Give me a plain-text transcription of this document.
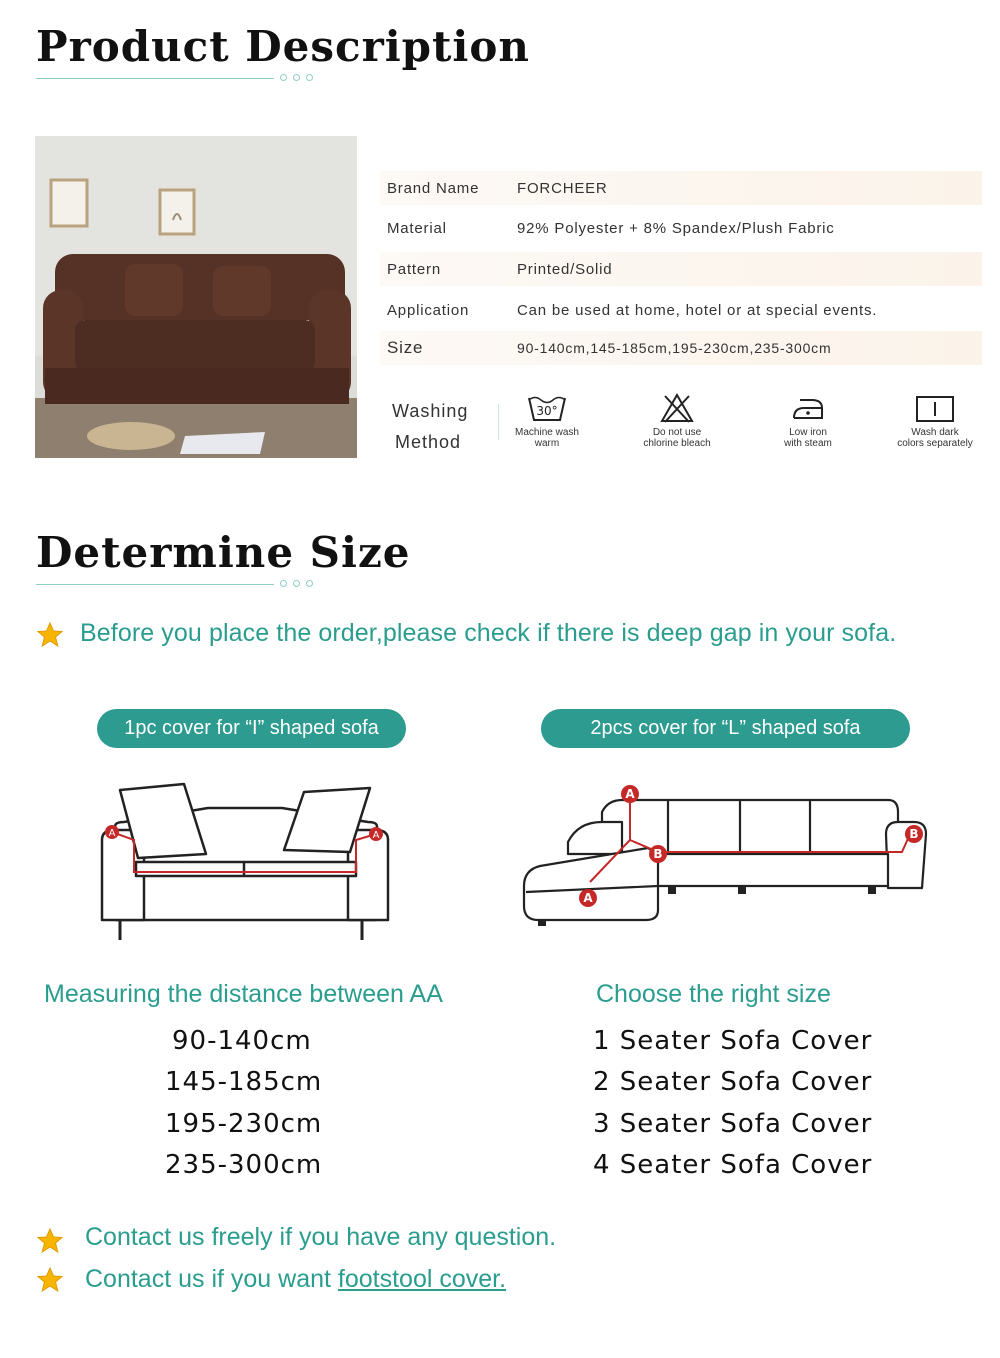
Product Description
Brand Name	FORCHEER
Material	92% Polyester + 8% Spandex/Plush Fabric
Pattern	Printed/Solid
Application	Can be used at home, hotel or at special events.
Size	90-140cm,145-185cm,195-230cm,235-300cm
Washing
Method
30°
Machine wash
warm
Do not use
chlorine bleach
Low iron
with steam
Wash dark
colors separately
Determine Size
Before you place the order,please check if there is deep gap in your sofa.
1pc cover for “I” shaped sofa	2pcs cover for “L” shaped sofa
A	A
A
A
B
B
Measuring the distance between AA	Choose the right size
90-140cm
145-185cm
195-230cm
235-300cm
1 Seater Sofa Cover
2 Seater Sofa Cover
3 Seater Sofa Cover
4 Seater Sofa Cover
Contact us freely if you have any question.
Contact us if you want footstool cover.
